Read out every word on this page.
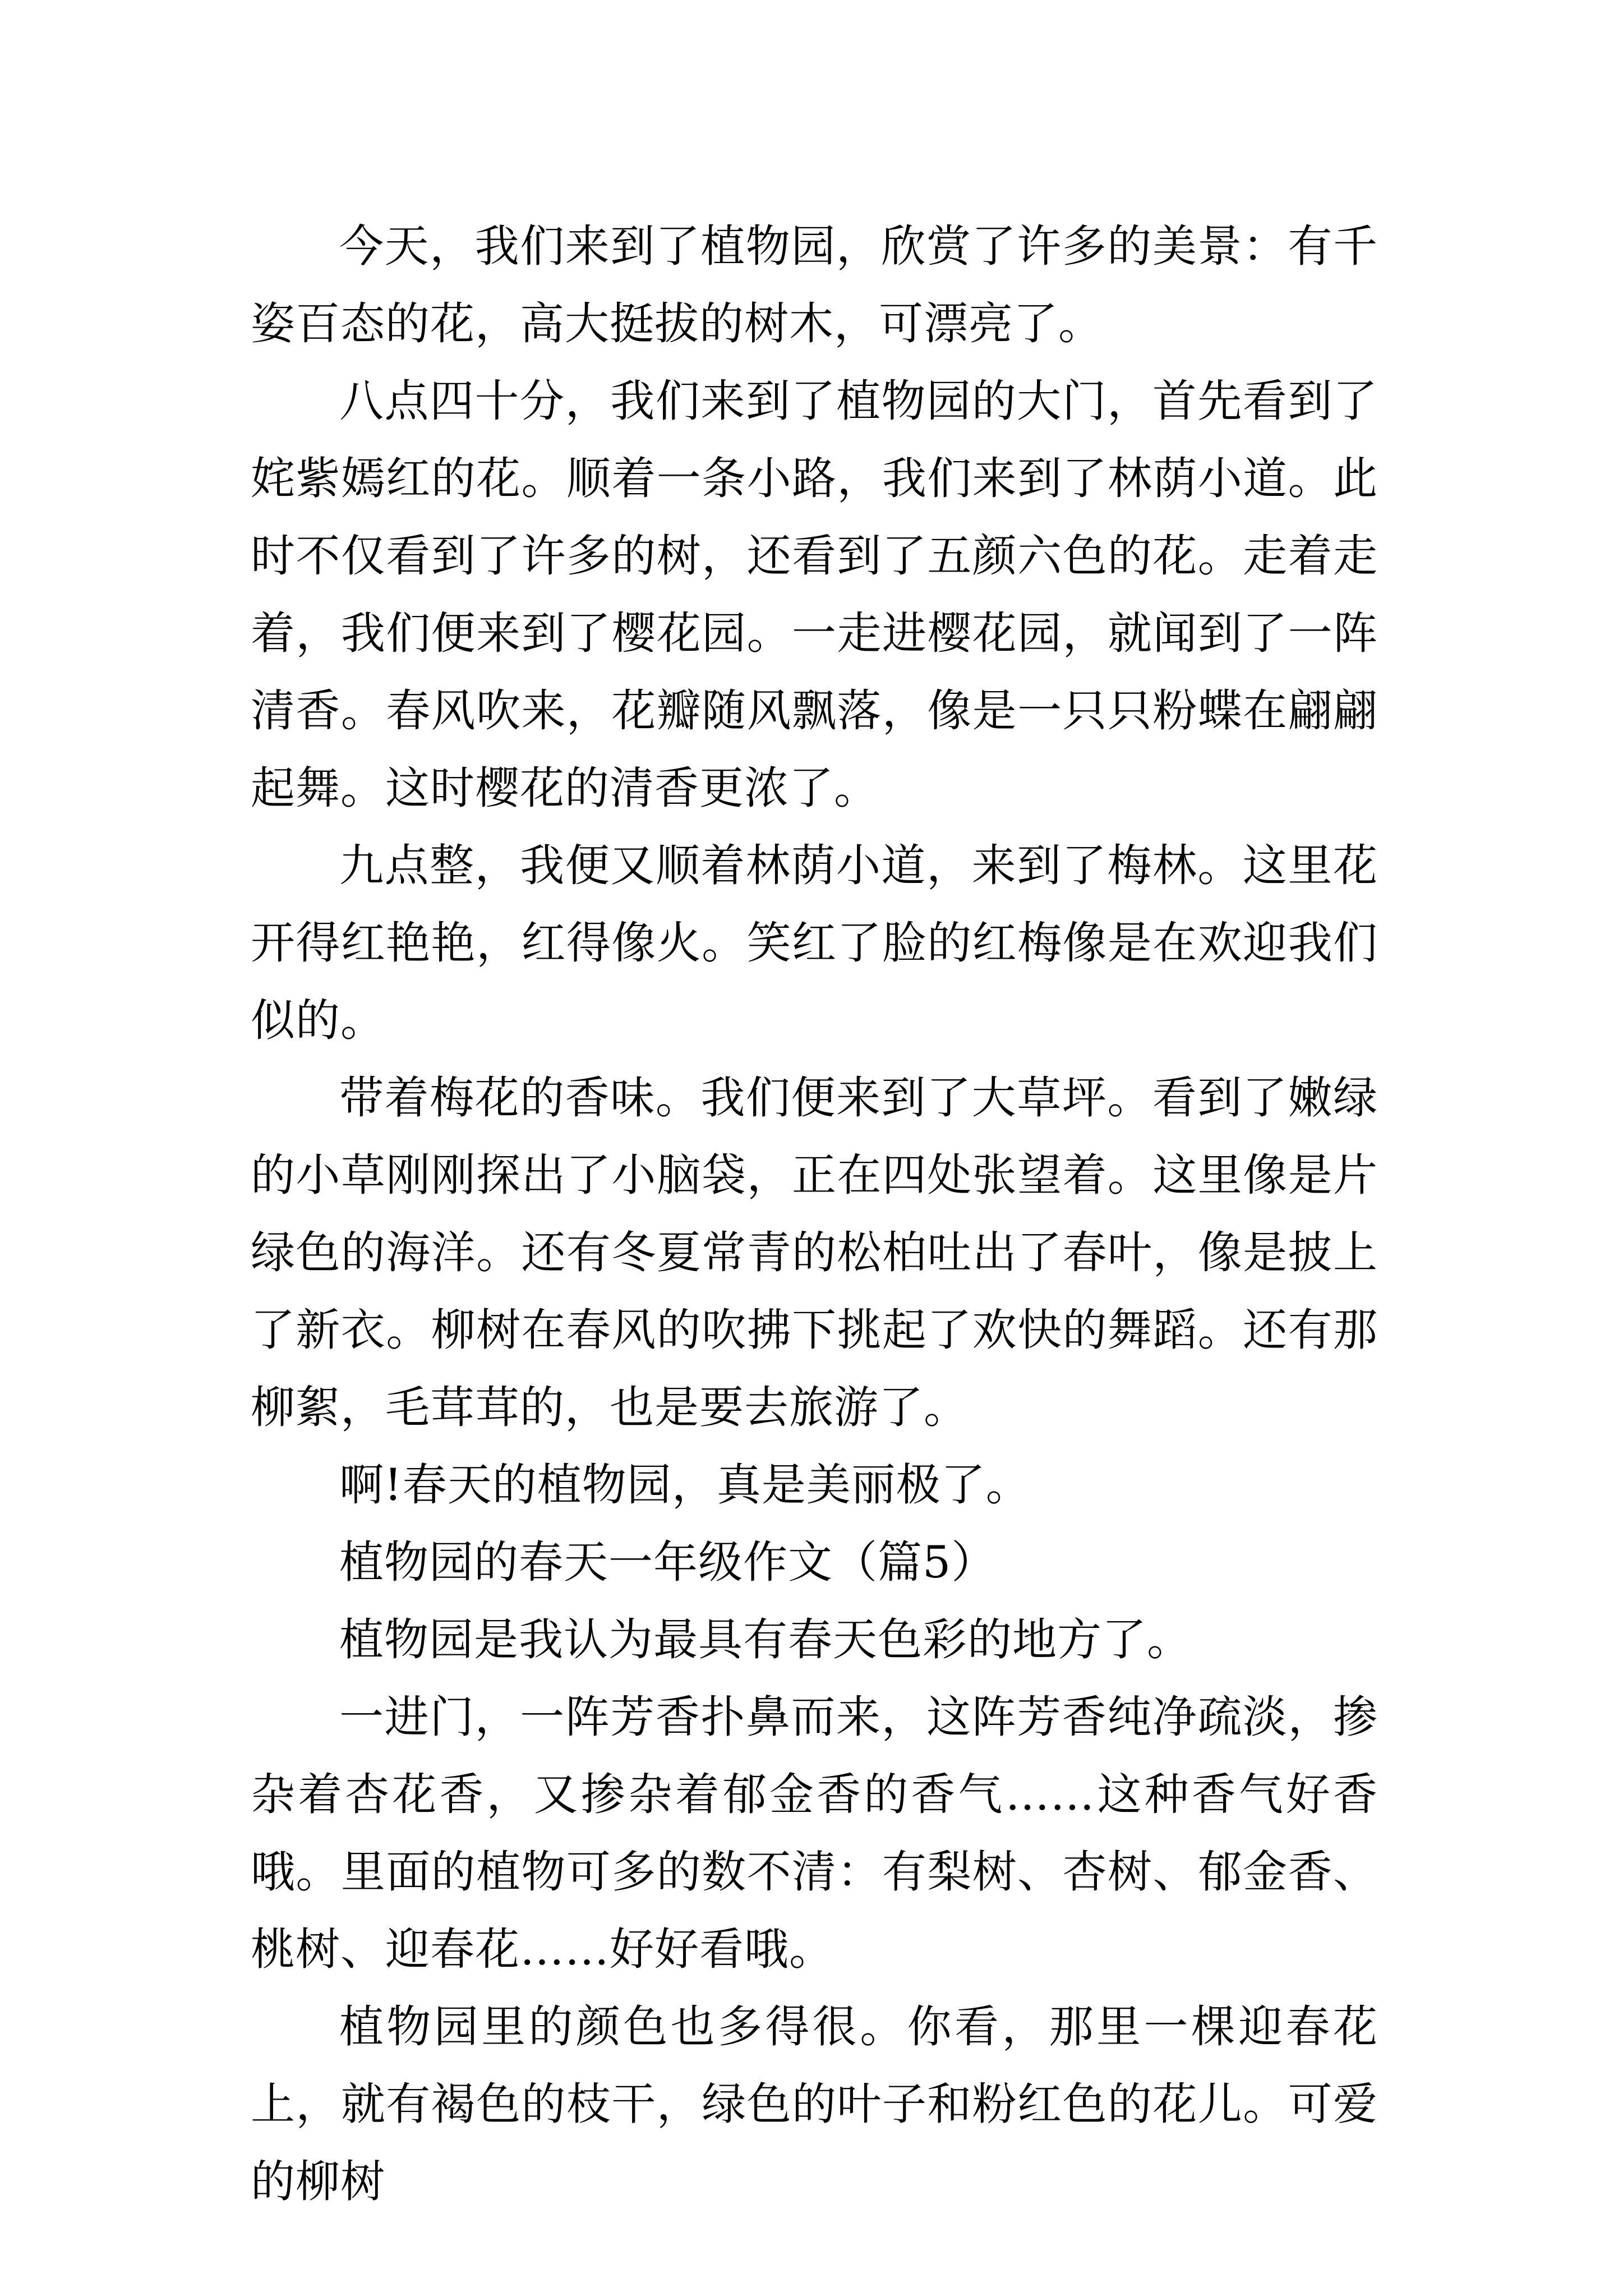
今天，我们来到了植物园，欣赏了许多的美景：有千姿百态的花，高大挺拔的树木，可漂亮了。

八点四十分，我们来到了植物园的大门，首先看到了姹紫嫣红的花。顺着一条小路，我们来到了林荫小道。此时不仅看到了许多的树，还看到了五颜六色的花。走着走着，我们便来到了樱花园。一走进樱花园，就闻到了一阵清香。春风吹来，花瓣随风飘落，像是一只只粉蝶在翩翩起舞。这时樱花的清香更浓了。

九点整，我便又顺着林荫小道，来到了梅林。这里花开得红艳艳，红得像火。笑红了脸的红梅像是在欢迎我们似的。

带着梅花的香味。我们便来到了大草坪。看到了嫩绿的小草刚刚探出了小脑袋，正在四处张望着。这里像是片绿色的海洋。还有冬夏常青的松柏吐出了春叶，像是披上了新衣。柳树在春风的吹拂下挑起了欢快的舞蹈。还有那柳絮，毛茸茸的，也是要去旅游了。

啊!春天的植物园，真是美丽极了。

植物园的春天一年级作文（篇5）

植物园是我认为最具有春天色彩的地方了。

一进门，一阵芳香扑鼻而来，这阵芳香纯净疏淡，掺杂着杏花香，又掺杂着郁金香的香气……这种香气好香哦。里面的植物可多的数不清：有梨树、杏树、郁金香、桃树、迎春花……好好看哦。

植物园里的颜色也多得很。你看，那里一棵迎春花上，就有褐色的枝干，绿色的叶子和粉红色的花儿。可爱的柳树
